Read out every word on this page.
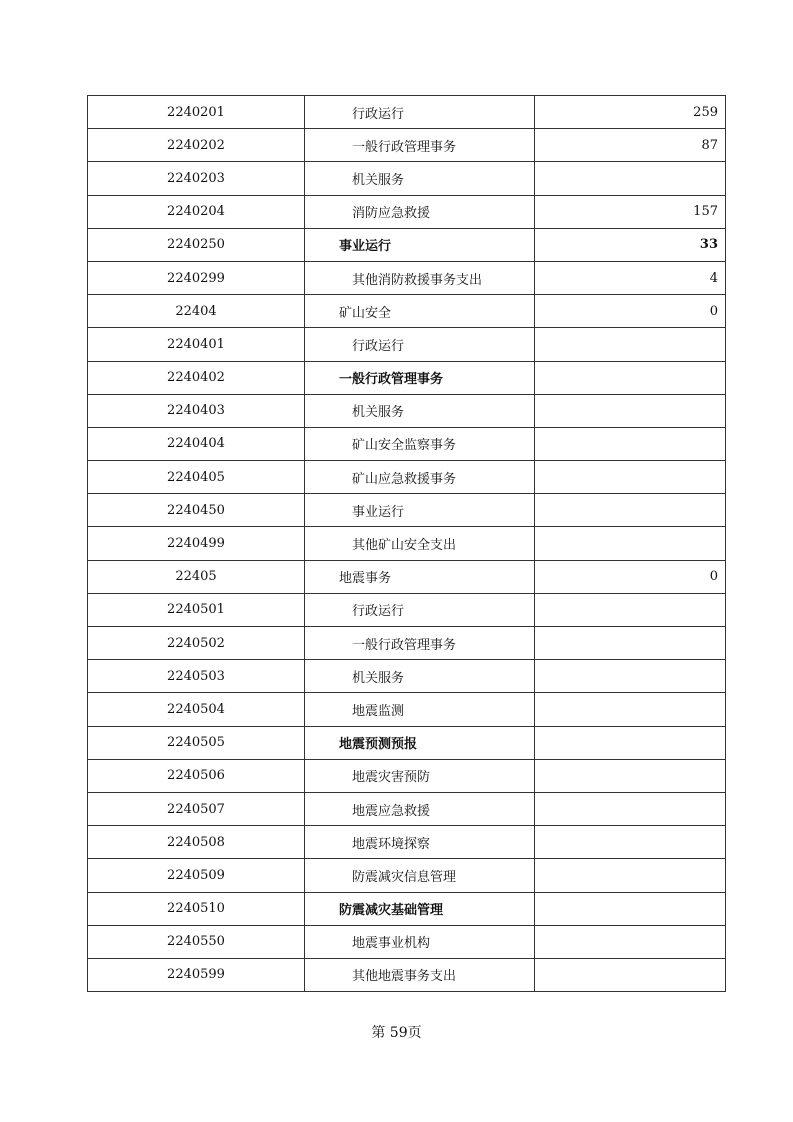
2240201	行政运行	259
2240202	一般行政管理事务	87
2240203	机关服务
2240204	消防应急救援	157
2240250	事业运行	33
2240299	其他消防救援事务支出	4
22404	矿山安全	0
2240401	行政运行
2240402	一般行政管理事务
2240403	机关服务
2240404	矿山安全监察事务
2240405	矿山应急救援事务
2240450	事业运行
2240499	其他矿山安全支出
22405	地震事务	0
2240501	行政运行
2240502	一般行政管理事务
2240503	机关服务
2240504	地震监测
2240505	地震预测预报
2240506	地震灾害预防
2240507	地震应急救援
2240508	地震环境探察
2240509	防震减灾信息管理
2240510	防震减灾基础管理
2240550	地震事业机构
2240599	其他地震事务支出
第 59页
